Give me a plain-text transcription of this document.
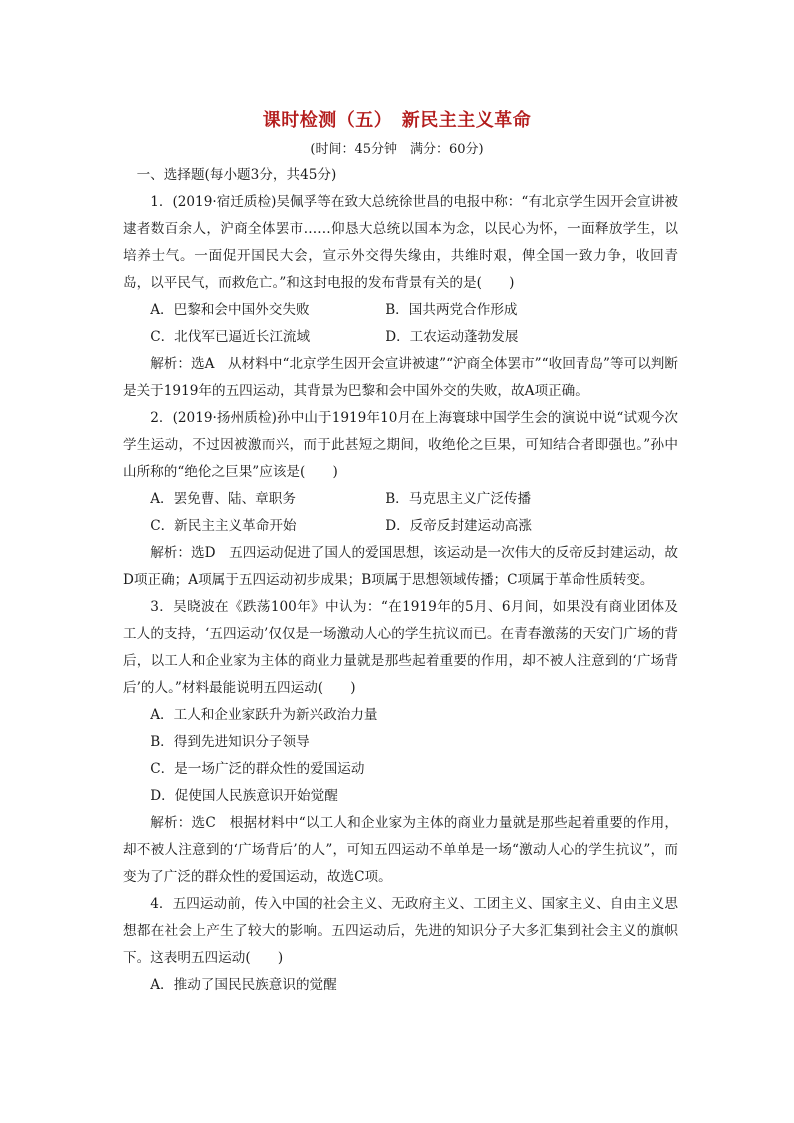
课时检测（五）　新民主主义革命
(时间：45分钟　满分：60分)

一、选择题(每小题3分，共45分)

1．(2019·宿迁质检)吴佩孚等在致大总统徐世昌的电报中称：“有北京学生因开会宣讲被逮者数百余人，沪商全体罢市……仰恳大总统以国本为念，以民心为怀，一面释放学生，以培养士气。一面促开国民大会，宣示外交得失缘由，共维时艰，俾全国一致力争，收回青岛，以平民气，而救危亡。”和这封电报的发布背景有关的是(　　)

A．巴黎和会中国外交失败	B．国共两党合作形成
C．北伐军已逼近长江流域	D．工农运动蓬勃发展

解析：选A　从材料中“北京学生因开会宣讲被逮”“沪商全体罢市”“收回青岛”等可以判断是关于1919年的五四运动，其背景为巴黎和会中国外交的失败，故A项正确。

2．(2019·扬州质检)孙中山于1919年10月在上海寰球中国学生会的演说中说“试观今次学生运动，不过因被激而兴，而于此甚短之期间，收绝伦之巨果，可知结合者即强也。”孙中山所称的“绝伦之巨果”应该是(　　)

A．罢免曹、陆、章职务	B．马克思主义广泛传播
C．新民主主义革命开始	D．反帝反封建运动高涨

解析：选D　五四运动促进了国人的爱国思想，该运动是一次伟大的反帝反封建运动，故D项正确；A项属于五四运动初步成果；B项属于思想领域传播；C项属于革命性质转变。

3．吴晓波在《跌荡100年》中认为：“在1919年的5月、6月间，如果没有商业团体及工人的支持，‘五四运动’仅仅是一场激动人心的学生抗议而已。在青春激荡的天安门广场的背后，以工人和企业家为主体的商业力量就是那些起着重要的作用，却不被人注意到的‘广场背后’的人。”材料最能说明五四运动(　　)

A．工人和企业家跃升为新兴政治力量

B．得到先进知识分子领导

C．是一场广泛的群众性的爱国运动

D．促使国人民族意识开始觉醒

解析：选C　根据材料中“以工人和企业家为主体的商业力量就是那些起着重要的作用，却不被人注意到的‘广场背后’的人”，可知五四运动不单单是一场“激动人心的学生抗议”，而变为了广泛的群众性的爱国运动，故选C项。

4．五四运动前，传入中国的社会主义、无政府主义、工团主义、国家主义、自由主义思想都在社会上产生了较大的影响。五四运动后，先进的知识分子大多汇集到社会主义的旗帜下。这表明五四运动(　　)

A．推动了国民民族意识的觉醒
